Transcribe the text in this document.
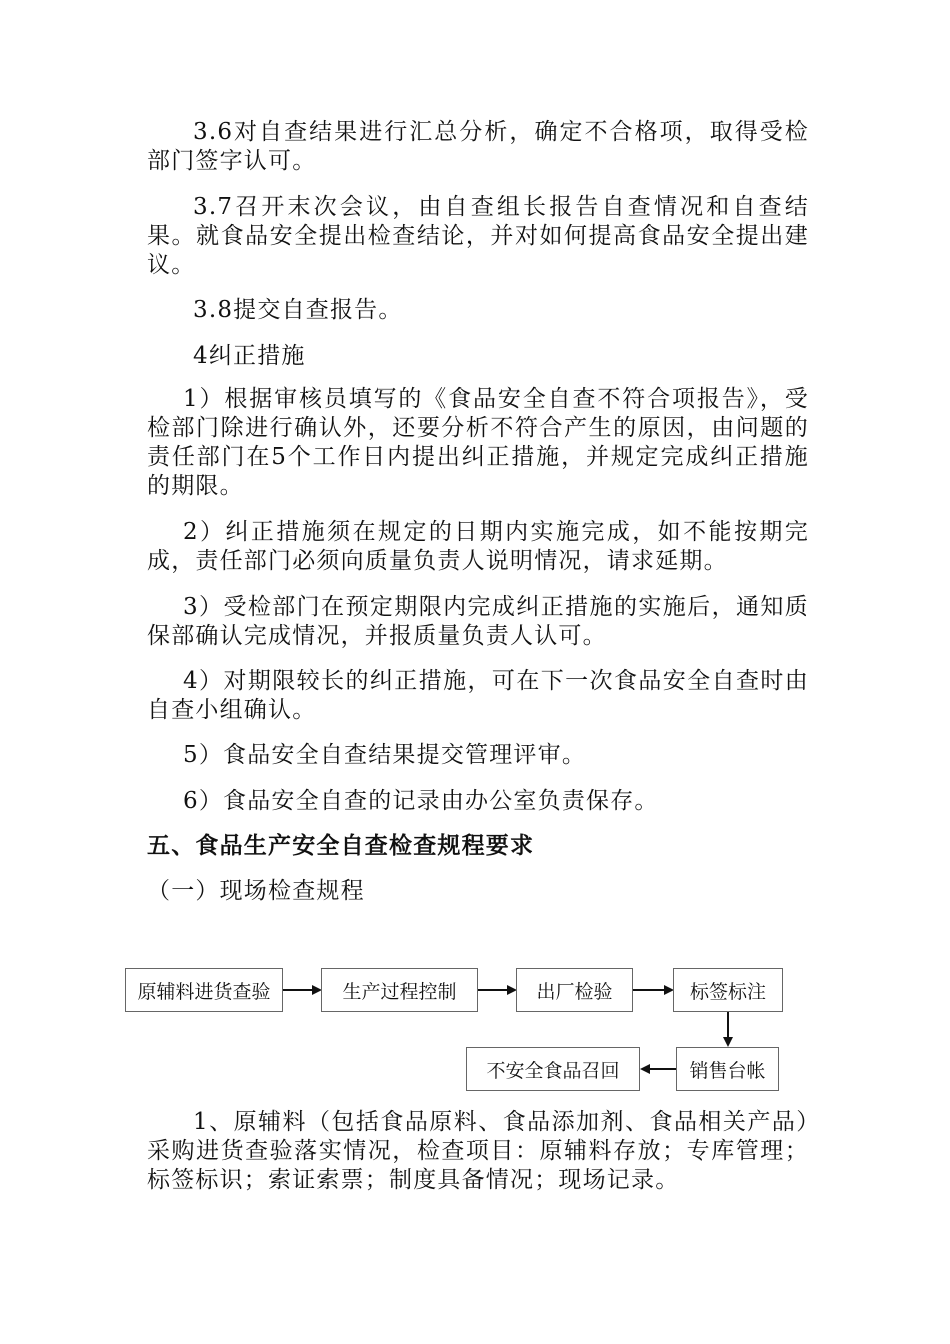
3.6对自查结果进行汇总分析，确定不合格项，取得受检部门签字认可。

3.7召开末次会议，由自查组长报告自查情况和自查结果。就食品安全提出检查结论，并对如何提高食品安全提出建议。

3.8提交自查报告。

4纠正措施

1）根据审核员填写的《食品安全自查不符合项报告》，受检部门除进行确认外，还要分析不符合产生的原因，由问题的责任部门在5个工作日内提出纠正措施，并规定完成纠正措施的期限。

2）纠正措施须在规定的日期内实施完成，如不能按期完成，责任部门必须向质量负责人说明情况，请求延期。

3）受检部门在预定期限内完成纠正措施的实施后，通知质保部确认完成情况，并报质量负责人认可。

4）对期限较长的纠正措施，可在下一次食品安全自查时由自查小组确认。

5）食品安全自查结果提交管理评审。

6）食品安全自查的记录由办公室负责保存。

五、食品生产安全自查检查规程要求

（一）现场检查规程

原辅料进货查验	生产过程控制	出厂检验	标签标注
销售台帐
不安全食品召回

1、原辅料（包括食品原料、食品添加剂、食品相关产品）采购进货查验落实情况，检查项目：原辅料存放；专库管理；标签标识；索证索票；制度具备情况；现场记录。
